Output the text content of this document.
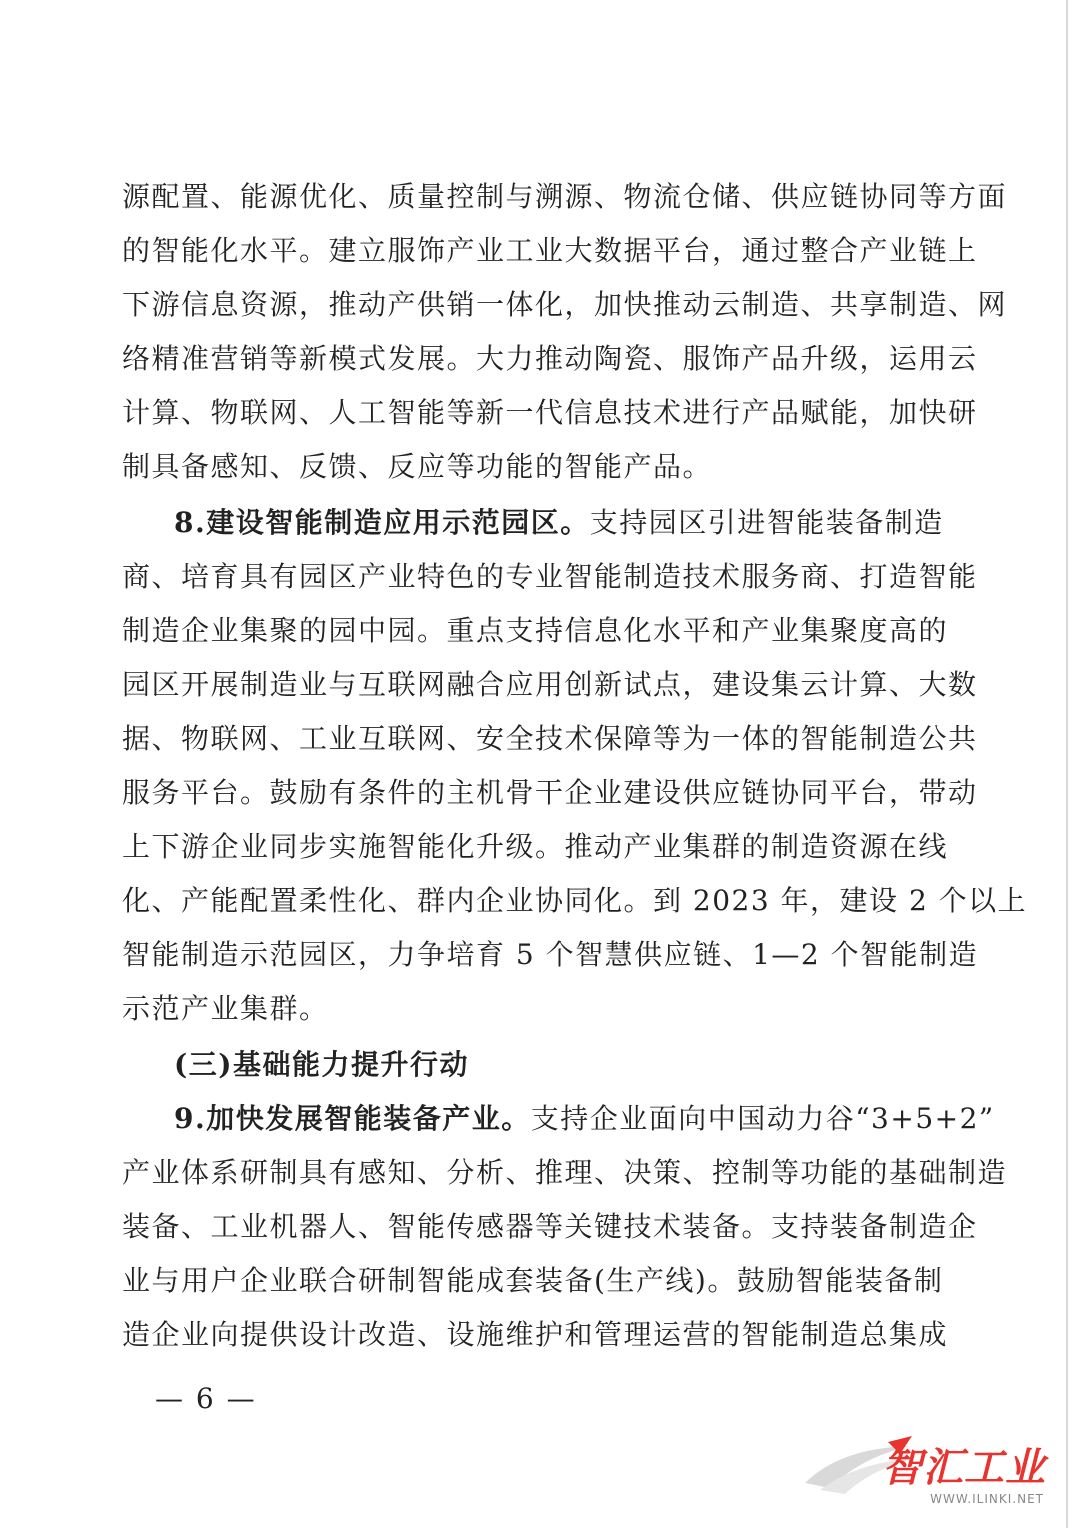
源配置、能源优化、质量控制与溯源、物流仓储、供应链协同等方面
的智能化水平。建立服饰产业工业大数据平台，通过整合产业链上
下游信息资源，推动产供销一体化，加快推动云制造、共享制造、网
络精准营销等新模式发展。大力推动陶瓷、服饰产品升级，运用云
计算、物联网、人工智能等新一代信息技术进行产品赋能，加快研
制具备感知、反馈、反应等功能的智能产品。

8.建设智能制造应用示范园区。支持园区引进智能装备制造
商、培育具有园区产业特色的专业智能制造技术服务商、打造智能
制造企业集聚的园中园。重点支持信息化水平和产业集聚度高的
园区开展制造业与互联网融合应用创新试点，建设集云计算、大数
据、物联网、工业互联网、安全技术保障等为一体的智能制造公共
服务平台。鼓励有条件的主机骨干企业建设供应链协同平台，带动
上下游企业同步实施智能化升级。推动产业集群的制造资源在线
化、产能配置柔性化、群内企业协同化。到 2023 年，建设 2 个以上
智能制造示范园区，力争培育 5 个智慧供应链、1—2 个智能制造
示范产业集群。

(三)基础能力提升行动

9.加快发展智能装备产业。支持企业面向中国动力谷“3+5+2”
产业体系研制具有感知、分析、推理、决策、控制等功能的基础制造
装备、工业机器人、智能传感器等关键技术装备。支持装备制造企
业与用户企业联合研制智能成套装备(生产线)。鼓励智能装备制
造企业向提供设计改造、设施维护和管理运营的智能制造总集成

— 6 —
智汇工业
WWW.ILINKI.NET
